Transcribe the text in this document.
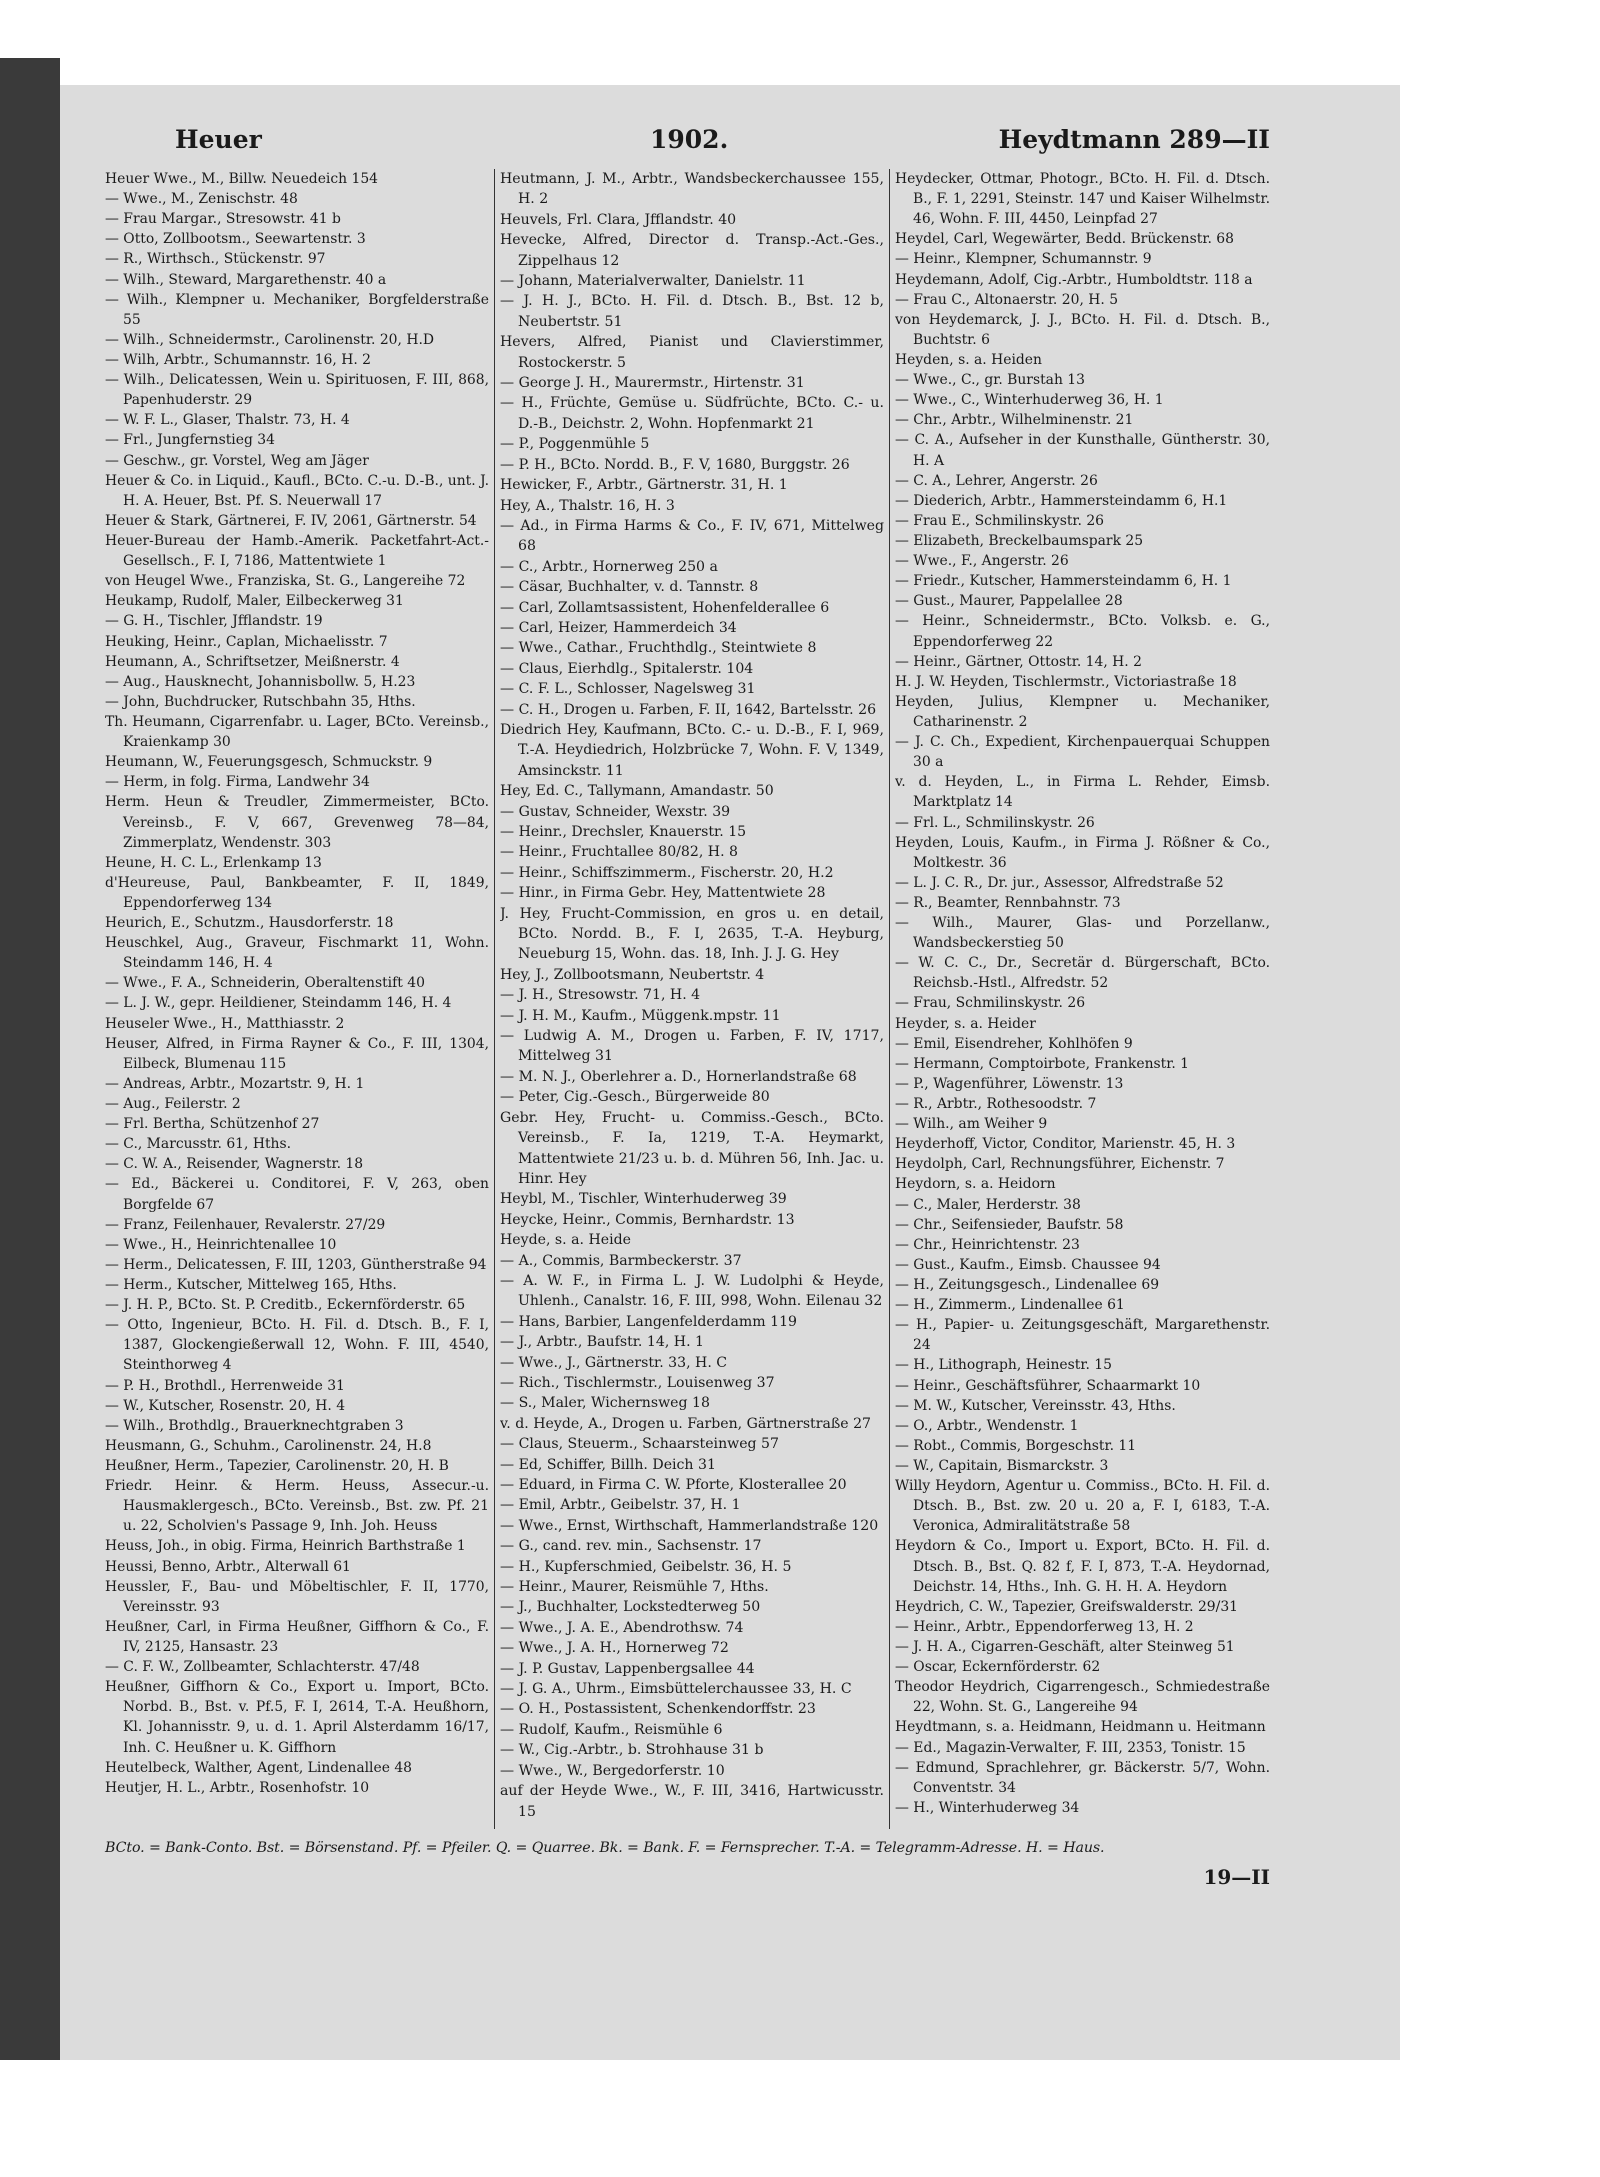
Heuer	1902.	Heydtmann 289—II

Heuer Wwe., M., Billw. Neuedeich 154

— Wwe., M., Zenischstr. 48

— Frau Margar., Stresowstr. 41 b

— Otto, Zollbootsm., Seewartenstr. 3

— R., Wirthsch., Stückenstr. 97

— Wilh., Steward, Margarethenstr. 40 a

— Wilh., Klempner u. Mechaniker, Borgfelderstraße 55

— Wilh., Schneidermstr., Carolinenstr. 20, H.D

— Wilh, Arbtr., Schumannstr. 16, H. 2

— Wilh., Delicatessen, Wein u. Spirituosen, F. III, 868, Papenhuderstr. 29

— W. F. L., Glaser, Thalstr. 73, H. 4

— Frl., Jungfernstieg 34

— Geschw., gr. Vorstel, Weg am Jäger

Heuer & Co. in Liquid., Kaufl., BCto. C.-u. D.-B., unt. J. H. A. Heuer, Bst. Pf. S. Neuerwall 17

Heuer & Stark, Gärtnerei, F. IV, 2061, Gärtnerstr. 54

Heuer-Bureau der Hamb.-Amerik. Packetfahrt-Act.-Gesellsch., F. I, 7186, Mattentwiete 1

von Heugel Wwe., Franziska, St. G., Langereihe 72

Heukamp, Rudolf, Maler, Eilbeckerweg 31

— G. H., Tischler, Jfflandstr. 19

Heuking, Heinr., Caplan, Michaelisstr. 7

Heumann, A., Schriftsetzer, Meißnerstr. 4

— Aug., Hausknecht, Johannisbollw. 5, H.23

— John, Buchdrucker, Rutschbahn 35, Hths.

Th. Heumann, Cigarrenfabr. u. Lager, BCto. Vereinsb., Kraienkamp 30

Heumann, W., Feuerungsgesch, Schmuckstr. 9

— Herm, in folg. Firma, Landwehr 34

Herm. Heun & Treudler, Zimmermeister, BCto. Vereinsb., F. V, 667, Grevenweg 78—84, Zimmerplatz, Wendenstr. 303

Heune, H. C. L., Erlenkamp 13

d'Heureuse, Paul, Bankbeamter, F. II, 1849, Eppendorferweg 134

Heurich, E., Schutzm., Hausdorferstr. 18

Heuschkel, Aug., Graveur, Fischmarkt 11, Wohn. Steindamm 146, H. 4

— Wwe., F. A., Schneiderin, Oberaltenstift 40

— L. J. W., gepr. Heildiener, Steindamm 146, H. 4

Heuseler Wwe., H., Matthiasstr. 2

Heuser, Alfred, in Firma Rayner & Co., F. III, 1304, Eilbeck, Blumenau 115

— Andreas, Arbtr., Mozartstr. 9, H. 1

— Aug., Feilerstr. 2

— Frl. Bertha, Schützenhof 27

— C., Marcusstr. 61, Hths.

— C. W. A., Reisender, Wagnerstr. 18

— Ed., Bäckerei u. Conditorei, F. V, 263, oben Borgfelde 67

— Franz, Feilenhauer, Revalerstr. 27/29

— Wwe., H., Heinrichtenallee 10

— Herm., Delicatessen, F. III, 1203, Güntherstraße 94

— Herm., Kutscher, Mittelweg 165, Hths.

— J. H. P., BCto. St. P. Creditb., Eckernförderstr. 65

— Otto, Ingenieur, BCto. H. Fil. d. Dtsch. B., F. I, 1387, Glockengießerwall 12, Wohn. F. III, 4540, Steinthorweg 4

— P. H., Brothdl., Herrenweide 31

— W., Kutscher, Rosenstr. 20, H. 4

— Wilh., Brothdlg., Brauerknechtgraben 3

Heusmann, G., Schuhm., Carolinenstr. 24, H.8

Heußner, Herm., Tapezier, Carolinenstr. 20, H. B

Friedr. Heinr. & Herm. Heuss, Assecur.-u. Hausmaklergesch., BCto. Vereinsb., Bst. zw. Pf. 21 u. 22, Scholvien's Passage 9, Inh. Joh. Heuss

Heuss, Joh., in obig. Firma, Heinrich Barthstraße 1

Heussi, Benno, Arbtr., Alterwall 61

Heussler, F., Bau- und Möbeltischler, F. II, 1770, Vereinsstr. 93

Heußner, Carl, in Firma Heußner, Giffhorn & Co., F. IV, 2125, Hansastr. 23

— C. F. W., Zollbeamter, Schlachterstr. 47/48

Heußner, Giffhorn & Co., Export u. Import, BCto. Norbd. B., Bst. v. Pf.5, F. I, 2614, T.-A. Heußhorn, Kl. Johannisstr. 9, u. d. 1. April Alsterdamm 16/17, Inh. C. Heußner u. K. Giffhorn

Heutelbeck, Walther, Agent, Lindenallee 48

Heutjer, H. L., Arbtr., Rosenhofstr. 10

Heutmann, J. M., Arbtr., Wandsbeckerchaussee 155, H. 2

Heuvels, Frl. Clara, Jfflandstr. 40

Hevecke, Alfred, Director d. Transp.-Act.-Ges., Zippelhaus 12

— Johann, Materialverwalter, Danielstr. 11

— J. H. J., BCto. H. Fil. d. Dtsch. B., Bst. 12 b, Neubertstr. 51

Hevers, Alfred, Pianist und Clavierstimmer, Rostockerstr. 5

— George J. H., Maurermstr., Hirtenstr. 31

— H., Früchte, Gemüse u. Südfrüchte, BCto. C.- u. D.-B., Deichstr. 2, Wohn. Hopfenmarkt 21

— P., Poggenmühle 5

— P. H., BCto. Nordd. B., F. V, 1680, Burggstr. 26

Hewicker, F., Arbtr., Gärtnerstr. 31, H. 1

Hey, A., Thalstr. 16, H. 3

— Ad., in Firma Harms & Co., F. IV, 671, Mittelweg 68

— C., Arbtr., Hornerweg 250 a

— Cäsar, Buchhalter, v. d. Tannstr. 8

— Carl, Zollamtsassistent, Hohenfelderallee 6

— Carl, Heizer, Hammerdeich 34

— Wwe., Cathar., Fruchthdlg., Steintwiete 8

— Claus, Eierhdlg., Spitalerstr. 104

— C. F. L., Schlosser, Nagelsweg 31

— C. H., Drogen u. Farben, F. II, 1642, Bartelsstr. 26

Diedrich Hey, Kaufmann, BCto. C.- u. D.-B., F. I, 969, T.-A. Heydiedrich, Holzbrücke 7, Wohn. F. V, 1349, Amsinckstr. 11

Hey, Ed. C., Tallymann, Amandastr. 50

— Gustav, Schneider, Wexstr. 39

— Heinr., Drechsler, Knauerstr. 15

— Heinr., Fruchtallee 80/82, H. 8

— Heinr., Schiffszimmerm., Fischerstr. 20, H.2

— Hinr., in Firma Gebr. Hey, Mattentwiete 28

J. Hey, Frucht-Commission, en gros u. en detail, BCto. Nordd. B., F. I, 2635, T.-A. Heyburg, Neueburg 15, Wohn. das. 18, Inh. J. J. G. Hey

Hey, J., Zollbootsmann, Neubertstr. 4

— J. H., Stresowstr. 71, H. 4

— J. H. M., Kaufm., Müggenk.mpstr. 11

— Ludwig A. M., Drogen u. Farben, F. IV, 1717, Mittelweg 31

— M. N. J., Oberlehrer a. D., Hornerlandstraße 68

— Peter, Cig.-Gesch., Bürgerweide 80

Gebr. Hey, Frucht- u. Commiss.-Gesch., BCto. Vereinsb., F. Ia, 1219, T.-A. Heymarkt, Mattentwiete 21/23 u. b. d. Mühren 56, Inh. Jac. u. Hinr. Hey

Heybl, M., Tischler, Winterhuderweg 39

Heycke, Heinr., Commis, Bernhardstr. 13

Heyde, s. a. Heide

— A., Commis, Barmbeckerstr. 37

— A. W. F., in Firma L. J. W. Ludolphi & Heyde, Uhlenh., Canalstr. 16, F. III, 998, Wohn. Eilenau 32

— Hans, Barbier, Langenfelderdamm 119

— J., Arbtr., Baufstr. 14, H. 1

— Wwe., J., Gärtnerstr. 33, H. C

— Rich., Tischlermstr., Louisenweg 37

— S., Maler, Wichernsweg 18

v. d. Heyde, A., Drogen u. Farben, Gärtnerstraße 27

— Claus, Steuerm., Schaarsteinweg 57

— Ed, Schiffer, Billh. Deich 31

— Eduard, in Firma C. W. Pforte, Klosterallee 20

— Emil, Arbtr., Geibelstr. 37, H. 1

— Wwe., Ernst, Wirthschaft, Hammerlandstraße 120

— G., cand. rev. min., Sachsenstr. 17

— H., Kupferschmied, Geibelstr. 36, H. 5

— Heinr., Maurer, Reismühle 7, Hths.

— J., Buchhalter, Lockstedterweg 50

— Wwe., J. A. E., Abendrothsw. 74

— Wwe., J. A. H., Hornerweg 72

— J. P. Gustav, Lappenbergsallee 44

— J. G. A., Uhrm., Eimsbüttelerchaussee 33, H. C

— O. H., Postassistent, Schenkendorffstr. 23

— Rudolf, Kaufm., Reismühle 6

— W., Cig.-Arbtr., b. Strohhause 31 b

— Wwe., W., Bergedorferstr. 10

auf der Heyde Wwe., W., F. III, 3416, Hartwicusstr. 15

Heydecker, Ottmar, Photogr., BCto. H. Fil. d. Dtsch. B., F. 1, 2291, Steinstr. 147 und Kaiser Wilhelmstr. 46, Wohn. F. III, 4450, Leinpfad 27

Heydel, Carl, Wegewärter, Bedd. Brückenstr. 68

— Heinr., Klempner, Schumannstr. 9

Heydemann, Adolf, Cig.-Arbtr., Humboldtstr. 118 a

— Frau C., Altonaerstr. 20, H. 5

von Heydemarck, J. J., BCto. H. Fil. d. Dtsch. B., Buchtstr. 6

Heyden, s. a. Heiden

— Wwe., C., gr. Burstah 13

— Wwe., C., Winterhuderweg 36, H. 1

— Chr., Arbtr., Wilhelminenstr. 21

— C. A., Aufseher in der Kunsthalle, Güntherstr. 30, H. A

— C. A., Lehrer, Angerstr. 26

— Diederich, Arbtr., Hammersteindamm 6, H.1

— Frau E., Schmilinskystr. 26

— Elizabeth, Breckelbaumspark 25

— Wwe., F., Angerstr. 26

— Friedr., Kutscher, Hammersteindamm 6, H. 1

— Gust., Maurer, Pappelallee 28

— Heinr., Schneidermstr., BCto. Volksb. e. G., Eppendorferweg 22

— Heinr., Gärtner, Ottostr. 14, H. 2

H. J. W. Heyden, Tischlermstr., Victoriastraße 18

Heyden, Julius, Klempner u. Mechaniker, Catharinenstr. 2

— J. C. Ch., Expedient, Kirchenpauerquai Schuppen 30 a

v. d. Heyden, L., in Firma L. Rehder, Eimsb. Marktplatz 14

— Frl. L., Schmilinskystr. 26

Heyden, Louis, Kaufm., in Firma J. Rößner & Co., Moltkestr. 36

— L. J. C. R., Dr. jur., Assessor, Alfredstraße 52

— R., Beamter, Rennbahnstr. 73

— Wilh., Maurer, Glas- und Porzellanw., Wandsbeckerstieg 50

— W. C. C., Dr., Secretär d. Bürgerschaft, BCto. Reichsb.-Hstl., Alfredstr. 52

— Frau, Schmilinskystr. 26

Heyder, s. a. Heider

— Emil, Eisendreher, Kohlhöfen 9

— Hermann, Comptoirbote, Frankenstr. 1

— P., Wagenführer, Löwenstr. 13

— R., Arbtr., Rothesoodstr. 7

— Wilh., am Weiher 9

Heyderhoff, Victor, Conditor, Marienstr. 45, H. 3

Heydolph, Carl, Rechnungsführer, Eichenstr. 7

Heydorn, s. a. Heidorn

— C., Maler, Herderstr. 38

— Chr., Seifensieder, Baufstr. 58

— Chr., Heinrichtenstr. 23

— Gust., Kaufm., Eimsb. Chaussee 94

— H., Zeitungsgesch., Lindenallee 69

— H., Zimmerm., Lindenallee 61

— H., Papier- u. Zeitungsgeschäft, Margarethenstr. 24

— H., Lithograph, Heinestr. 15

— Heinr., Geschäftsführer, Schaarmarkt 10

— M. W., Kutscher, Vereinsstr. 43, Hths.

— O., Arbtr., Wendenstr. 1

— Robt., Commis, Borgeschstr. 11

— W., Capitain, Bismarckstr. 3

Willy Heydorn, Agentur u. Commiss., BCto. H. Fil. d. Dtsch. B., Bst. zw. 20 u. 20 a, F. I, 6183, T.-A. Veronica, Admiralitätstraße 58

Heydorn & Co., Import u. Export, BCto. H. Fil. d. Dtsch. B., Bst. Q. 82 f, F. I, 873, T.-A. Heydornad, Deichstr. 14, Hths., Inh. G. H. H. A. Heydorn

Heydrich, C. W., Tapezier, Greifswalderstr. 29/31

— Heinr., Arbtr., Eppendorferweg 13, H. 2

— J. H. A., Cigarren-Geschäft, alter Steinweg 51

— Oscar, Eckernförderstr. 62

Theodor Heydrich, Cigarrengesch., Schmiedestraße 22, Wohn. St. G., Langereihe 94

Heydtmann, s. a. Heidmann, Heidmann u. Heitmann

— Ed., Magazin-Verwalter, F. III, 2353, Tonistr. 15

— Edmund, Sprachlehrer, gr. Bäckerstr. 5/7, Wohn. Conventstr. 34

— H., Winterhuderweg 34

BCto. = Bank-Conto. Bst. = Börsenstand. Pf. = Pfeiler. Q. = Quarree. Bk. = Bank. F. = Fernsprecher. T.-A. = Telegramm-Adresse. H. = Haus.
19—II
